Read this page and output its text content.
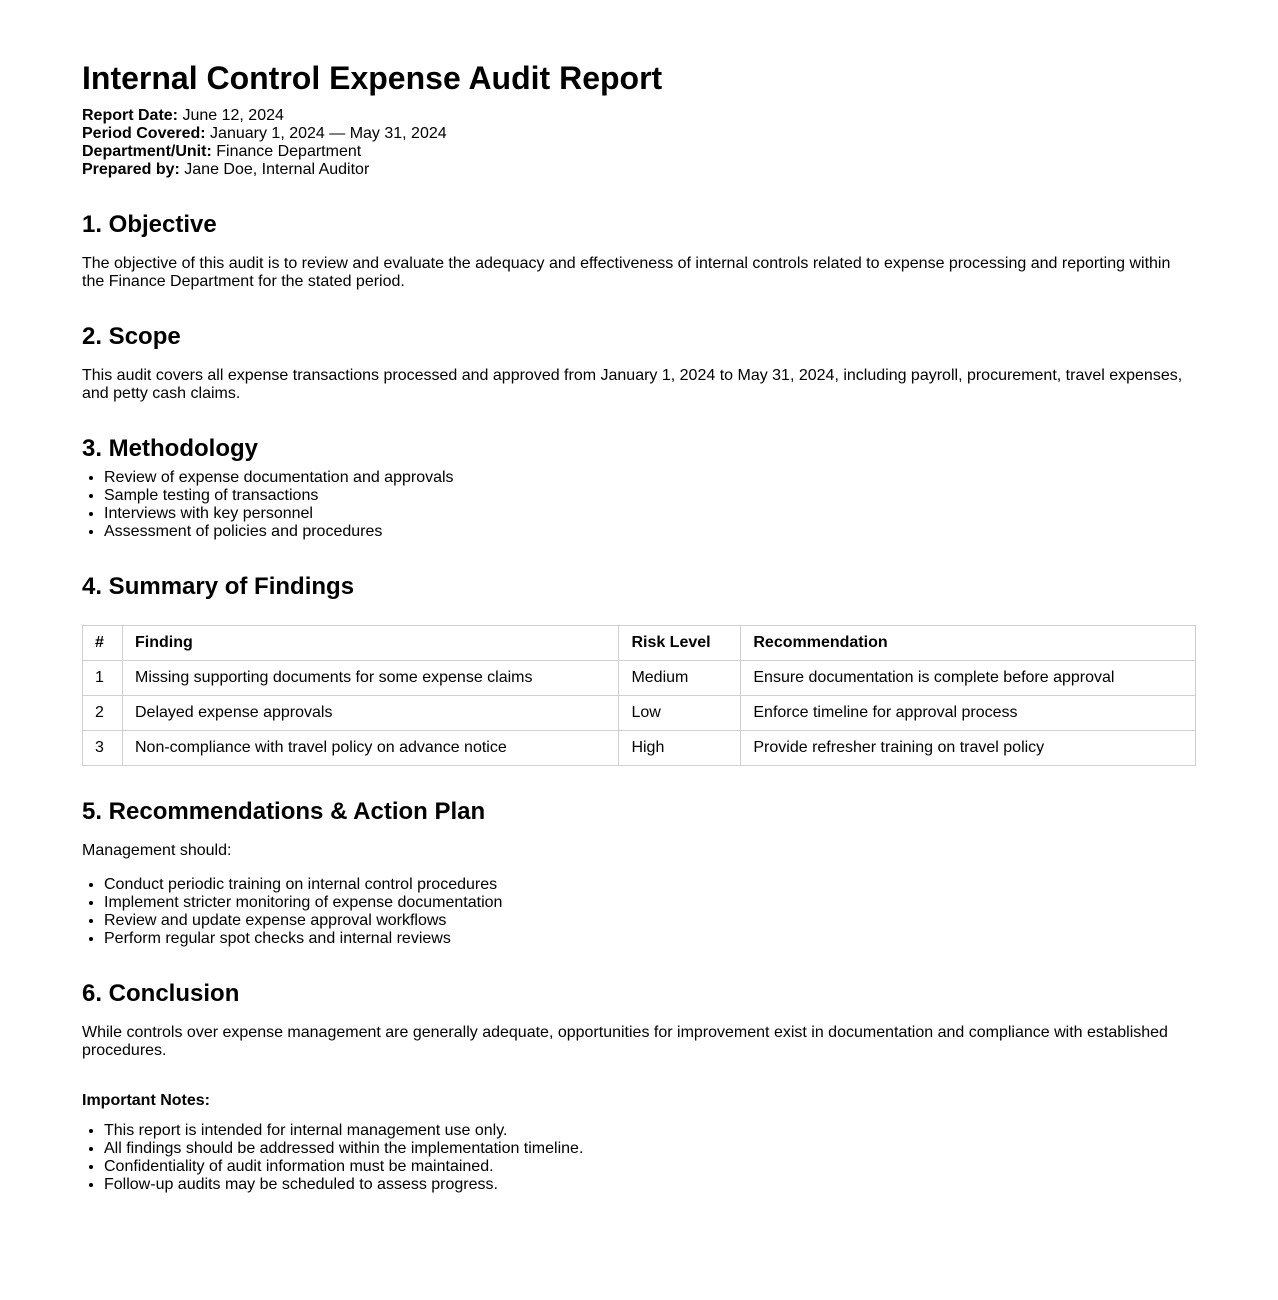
Internal Control Expense Audit Report
Report Date: June 12, 2024
Period Covered: January 1, 2024 — May 31, 2024
Department/Unit: Finance Department
Prepared by: Jane Doe, Internal Auditor
1. Objective

The objective of this audit is to review and evaluate the adequacy and effectiveness of internal controls related to expense processing and reporting within the Finance Department for the stated period.

2. Scope

This audit covers all expense transactions processed and approved from January 1, 2024 to May 31, 2024, including payroll, procurement, travel expenses, and petty cash claims.

3. Methodology
• Review of expense documentation and approvals
• Sample testing of transactions
• Interviews with key personnel
• Assessment of policies and procedures
4. Summary of Findings
#	Finding	Risk Level	Recommendation
1	Missing supporting documents for some expense claims	Medium	Ensure documentation is complete before approval
2	Delayed expense approvals	Low	Enforce timeline for approval process
3	Non-compliance with travel policy on advance notice	High	Provide refresher training on travel policy
5. Recommendations & Action Plan

Management should:

• Conduct periodic training on internal control procedures
• Implement stricter monitoring of expense documentation
• Review and update expense approval workflows
• Perform regular spot checks and internal reviews
6. Conclusion

While controls over expense management are generally adequate, opportunities for improvement exist in documentation and compliance with established procedures.

Important Notes:
• This report is intended for internal management use only.
• All findings should be addressed within the implementation timeline.
• Confidentiality of audit information must be maintained.
• Follow-up audits may be scheduled to assess progress.
